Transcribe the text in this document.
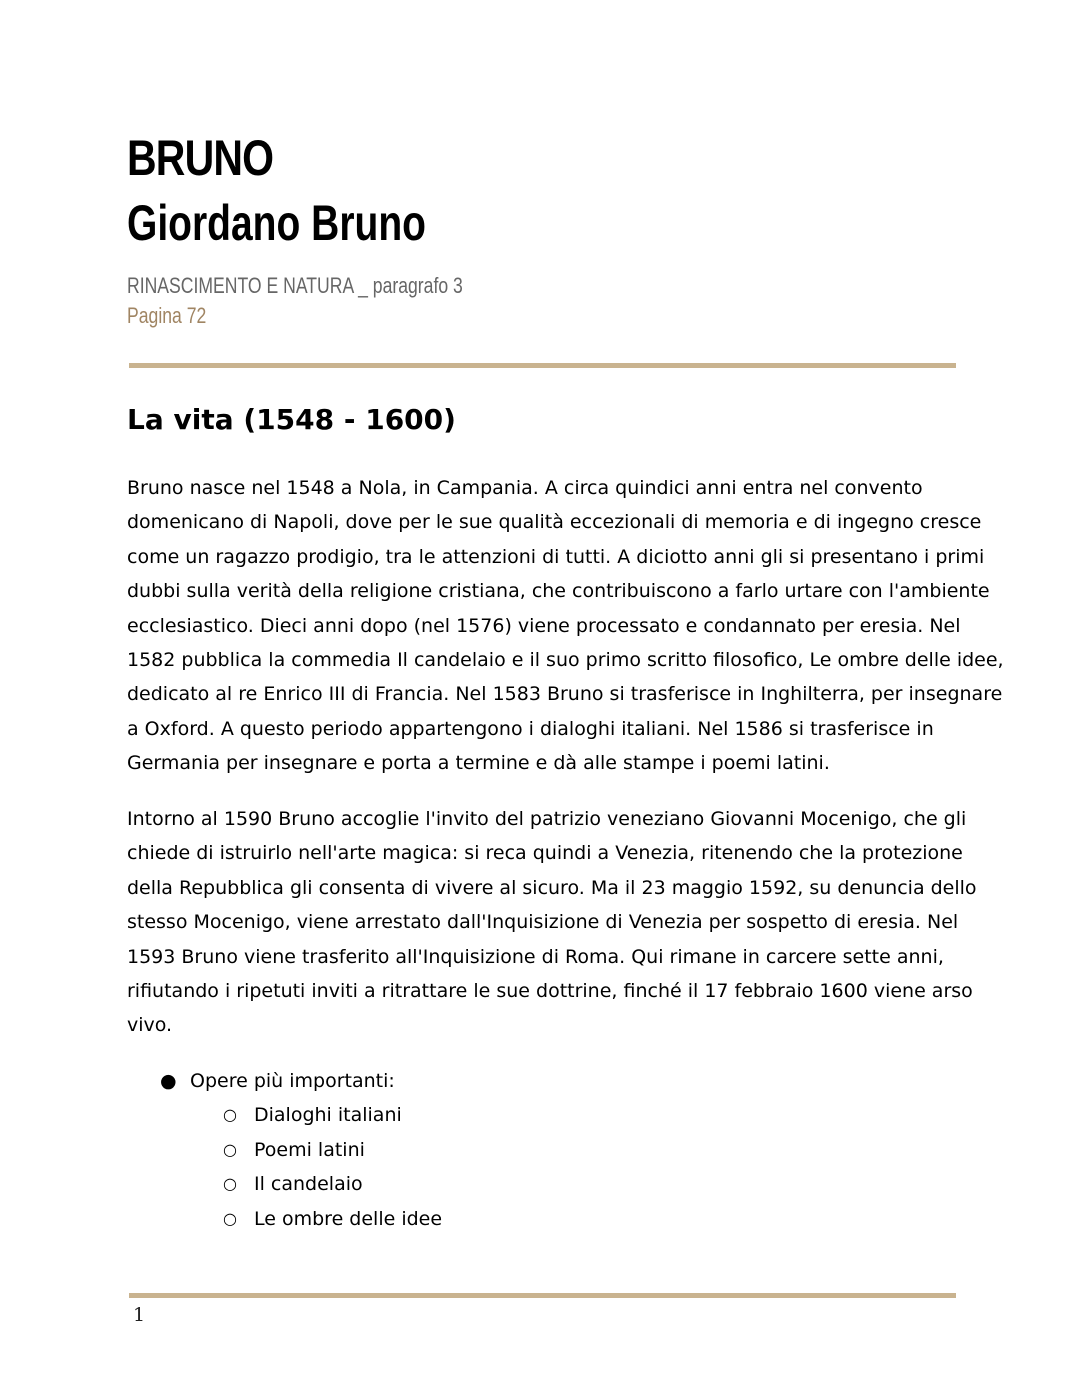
BRUNO
Giordano Bruno
RINASCIMENTO E NATURA _ paragrafo 3
Pagina 72
La vita (1548 - 1600)

Bruno nasce nel 1548 a Nola, in Campania. A circa quindici anni entra nel convento
domenicano di Napoli, dove per le sue qualità eccezionali di memoria e di ingegno cresce
come un ragazzo prodigio, tra le attenzioni di tutti. A diciotto anni gli si presentano i primi
dubbi sulla verità della religione cristiana, che contribuiscono a farlo urtare con l'ambiente
ecclesiastico. Dieci anni dopo (nel 1576) viene processato e condannato per eresia. Nel
1582 pubblica la commedia Il candelaio e il suo primo scritto filosofico, Le ombre delle idee,
dedicato al re Enrico III di Francia. Nel 1583 Bruno si trasferisce in Inghilterra, per insegnare
a Oxford. A questo periodo appartengono i dialoghi italiani. Nel 1586 si trasferisce in
Germania per insegnare e porta a termine e dà alle stampe i poemi latini.

Intorno al 1590 Bruno accoglie l'invito del patrizio veneziano Giovanni Mocenigo, che gli
chiede di istruirlo nell'arte magica: si reca quindi a Venezia, ritenendo che la protezione
della Repubblica gli consenta di vivere al sicuro. Ma il 23 maggio 1592, su denuncia dello
stesso Mocenigo, viene arrestato dall'Inquisizione di Venezia per sospetto di eresia. Nel
1593 Bruno viene trasferito all'Inquisizione di Roma. Qui rimane in carcere sette anni,
rifiutando i ripetuti inviti a ritrattare le sue dottrine, finché il 17 febbraio 1600 viene arso
vivo.

● Opere più importanti:
○ Dialoghi italiani
○ Poemi latini
○ Il candelaio
○ Le ombre delle idee
1
